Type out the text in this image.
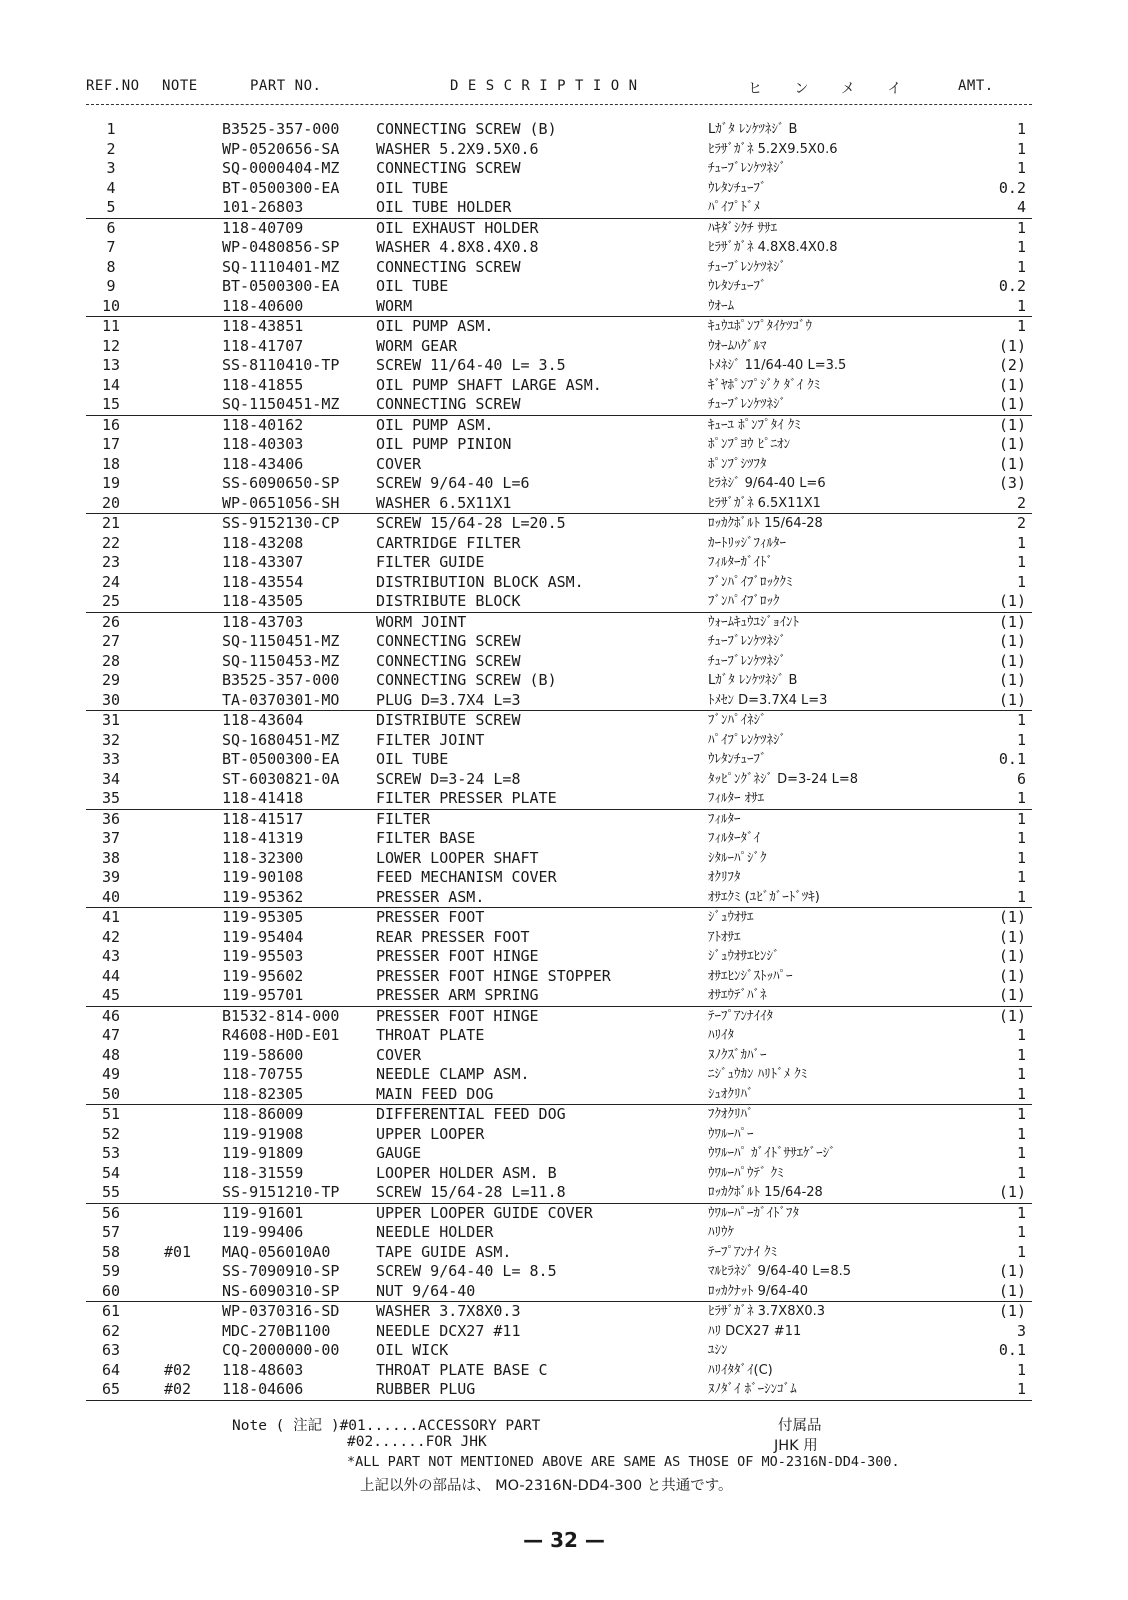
REF.NO NOTE	PART NO.	D E S C R I P T I O N	ヒ ン メ イ	AMT.
1	B3525-357-000 CONNECTING SCREW (B)	Lｶﾞﾀ ﾚﾝｹﾂﾈｼﾞ B	1
2	WP-0520656-SA WASHER 5.2X9.5X0.6	ﾋﾗｻﾞｶﾞﾈ 5.2X9.5X0.6	1
3	SQ-0000404-MZ CONNECTING SCREW	ﾁｭｰﾌﾞﾚﾝｹﾂﾈｼﾞ	1
4	BT-0500300-EA OIL TUBE	ｳﾚﾀﾝﾁｭｰﾌﾞ	0.2
5	101-26803	OIL TUBE HOLDER	ﾊﾟｲﾌﾟﾄﾞﾒ	4
6	118-40709	OIL EXHAUST HOLDER	ﾊｷﾀﾞｼｸﾁ ｻｻｴ	1
7	WP-0480856-SP WASHER 4.8X8.4X0.8	ﾋﾗｻﾞｶﾞﾈ 4.8X8.4X0.8	1
8	SQ-1110401-MZ CONNECTING SCREW	ﾁｭｰﾌﾞﾚﾝｹﾂﾈｼﾞ	1
9	BT-0500300-EA OIL TUBE	ｳﾚﾀﾝﾁｭｰﾌﾞ	0.2
10	118-40600	WORM	ｳｵｰﾑ	1
11	118-43851	OIL PUMP ASM.	ｷｭｳﾕﾎﾟﾝﾌﾟﾀｲｹﾂｺﾞｳ	1
12	118-41707	WORM GEAR	ｳｵｰﾑﾊｸﾞﾙﾏ	(1)
13	SS-8110410-TP SCREW 11/64-40 L= 3.5	ﾄﾒﾈｼﾞ 11/64-40 L=3.5	(2)
14	118-41855	OIL PUMP SHAFT LARGE ASM.	ｷﾞﾔﾎﾟﾝﾌﾟｼﾞｸ ﾀﾞｲ ｸﾐ	(1)
15	SQ-1150451-MZ CONNECTING SCREW	ﾁｭｰﾌﾞﾚﾝｹﾂﾈｼﾞ	(1)
16	118-40162	OIL PUMP ASM.	ｷｭｰﾕ ﾎﾟﾝﾌﾟﾀｲ ｸﾐ	(1)
17	118-40303	OIL PUMP PINION	ﾎﾟﾝﾌﾟﾖｳ ﾋﾟﾆｵﾝ	(1)
18	118-43406	COVER	ﾎﾟﾝﾌﾟｼﾂﾌﾀ	(1)
19	SS-6090650-SP SCREW 9/64-40 L=6	ﾋﾗﾈｼﾞ 9/64-40 L=6	(3)
20	WP-0651056-SH WASHER 6.5X11X1	ﾋﾗｻﾞｶﾞﾈ 6.5X11X1	2
21	SS-9152130-CP SCREW 15/64-28 L=20.5	ﾛｯｶｸﾎﾞﾙﾄ 15/64-28	2
22	118-43208	CARTRIDGE FILTER	ｶｰﾄﾘｯｼﾞﾌｨﾙﾀｰ	1
23	118-43307	FILTER GUIDE	ﾌｨﾙﾀｰｶﾞｲﾄﾞ	1
24	118-43554	DISTRIBUTION BLOCK ASM.	ﾌﾞﾝﾊﾟｲﾌﾞﾛｯｸｸﾐ	1
25	118-43505	DISTRIBUTE BLOCK	ﾌﾞﾝﾊﾟｲﾌﾞﾛｯｸ	(1)
26	118-43703	WORM JOINT	ｳｫｰﾑｷｭｳﾕｼﾞｮｲﾝﾄ	(1)
27	SQ-1150451-MZ CONNECTING SCREW	ﾁｭｰﾌﾞﾚﾝｹﾂﾈｼﾞ	(1)
28	SQ-1150453-MZ CONNECTING SCREW	ﾁｭｰﾌﾞﾚﾝｹﾂﾈｼﾞ	(1)
29	B3525-357-000 CONNECTING SCREW (B)	Lｶﾞﾀ ﾚﾝｹﾂﾈｼﾞ B	(1)
30	TA-0370301-MO PLUG D=3.7X4 L=3	ﾄﾒｾﾝ D=3.7X4 L=3	(1)
31	118-43604	DISTRIBUTE SCREW	ﾌﾞﾝﾊﾟｲﾈｼﾞ	1
32	SQ-1680451-MZ FILTER JOINT	ﾊﾟｲﾌﾟﾚﾝｹﾂﾈｼﾞ	1
33	BT-0500300-EA OIL TUBE	ｳﾚﾀﾝﾁｭｰﾌﾞ	0.1
34	ST-6030821-0A SCREW D=3-24 L=8	ﾀｯﾋﾟﾝｸﾞﾈｼﾞ D=3-24 L=8	6
35	118-41418	FILTER PRESSER PLATE	ﾌｨﾙﾀｰ ｵｻｴ	1
36	118-41517	FILTER	ﾌｨﾙﾀｰ	1
37	118-41319	FILTER BASE	ﾌｨﾙﾀｰﾀﾞｲ	1
38	118-32300	LOWER LOOPER SHAFT	ｼﾀﾙｰﾊﾟｼﾞｸ	1
39	119-90108	FEED MECHANISM COVER	ｵｸﾘﾌﾀ	1
40	119-95362	PRESSER ASM.	ｵｻｴｸﾐ (ﾕﾋﾞｶﾞｰﾄﾞﾂｷ)	1
41	119-95305	PRESSER FOOT	ｼﾞｭｳｵｻｴ	(1)
42	119-95404	REAR PRESSER FOOT	ｱﾄｵｻｴ	(1)
43	119-95503	PRESSER FOOT HINGE	ｼﾞｭｳｵｻｴﾋﾝｼﾞ	(1)
44	119-95602	PRESSER FOOT HINGE STOPPER	ｵｻｴﾋﾝｼﾞｽﾄｯﾊﾟｰ	(1)
45	119-95701	PRESSER ARM SPRING	ｵｻｴｳﾃﾞﾊﾞﾈ	(1)
46	B1532-814-000 PRESSER FOOT HINGE	ﾃｰﾌﾟｱﾝﾅｲｲﾀ	(1)
47	R4608-H0D-E01 THROAT PLATE	ﾊﾘｲﾀ	1
48	119-58600	COVER	ﾇﾉｸｽﾞｶﾊﾞｰ	1
49	118-70755	NEEDLE CLAMP ASM.	ﾆｼﾞｭｳｶﾝ ﾊﾘﾄﾞﾒ ｸﾐ	1
50	118-82305	MAIN FEED DOG	ｼｭｵｸﾘﾊﾞ	1
51	118-86009	DIFFERENTIAL FEED DOG	ﾌｸｵｸﾘﾊﾞ	1
52	119-91908	UPPER LOOPER	ｳﾜﾙｰﾊﾟｰ	1
53	119-91809	GAUGE	ｳﾜﾙｰﾊﾟ ｶﾞｲﾄﾞｻｻｴｹﾞｰｼﾞ	1
54	118-31559	LOOPER HOLDER ASM. B	ｳﾜﾙｰﾊﾟｳﾃﾞ ｸﾐ	1
55	SS-9151210-TP SCREW 15/64-28 L=11.8	ﾛｯｶｸﾎﾞﾙﾄ 15/64-28	(1)
56	119-91601	UPPER LOOPER GUIDE COVER	ｳﾜﾙｰﾊﾟｰｶﾞｲﾄﾞﾌﾀ	1
57	119-99406	NEEDLE HOLDER	ﾊﾘｳｹ	1
58	#01 MAQ-056010A0	TAPE GUIDE ASM.	ﾃｰﾌﾟｱﾝﾅｲ ｸﾐ	1
59	SS-7090910-SP SCREW 9/64-40 L= 8.5	ﾏﾙﾋﾗﾈｼﾞ 9/64-40 L=8.5	(1)
60	NS-6090310-SP NUT 9/64-40	ﾛｯｶｸﾅｯﾄ 9/64-40	(1)
61	WP-0370316-SD WASHER 3.7X8X0.3	ﾋﾗｻﾞｶﾞﾈ 3.7X8X0.3	(1)
62	MDC-270B1100	NEEDLE DCX27 #11	ﾊﾘ DCX27 #11	3
63	CQ-2000000-00 OIL WICK	ﾕｼﾝ	0.1
64	#02 118-48603	THROAT PLATE BASE C	ﾊﾘｲﾀﾀﾞｲ(C)	1
65	#02 118-04606	RUBBER PLUG	ﾇﾉﾀﾞｲ ﾎﾞｰｼﾝｺﾞﾑ	1
Note ( 注記 )#01......ACCESSORY PART	付属品
#02......FOR JHK	JHK 用
*ALL PART NOT MENTIONED ABOVE ARE SAME AS THOSE OF MO-2316N-DD4-300.
上記以外の部品は、 MO-2316N-DD4-300 と共通です。
— 32 —
